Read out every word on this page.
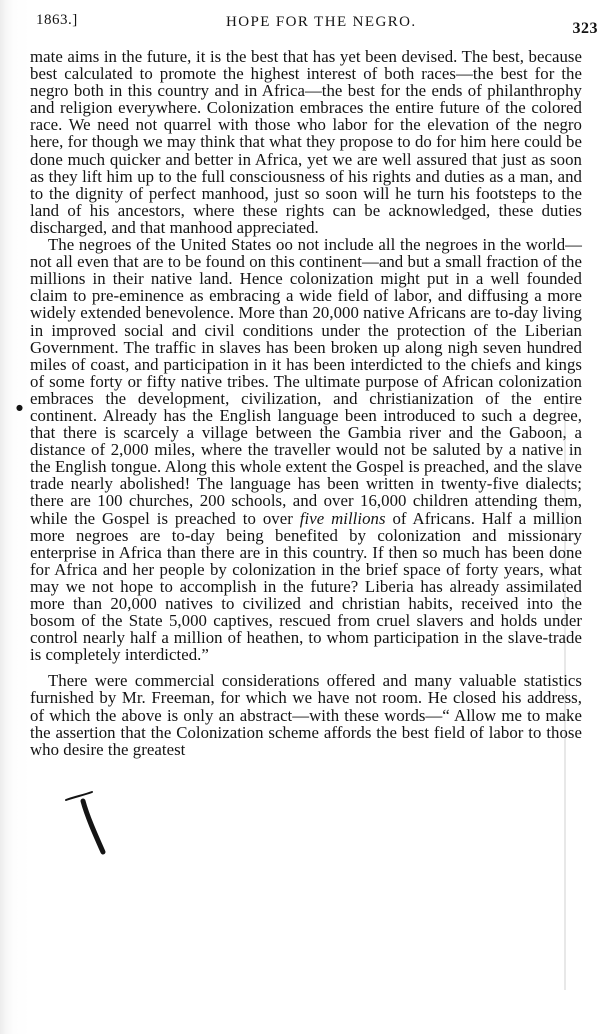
1863.]	HOPE FOR THE NEGRO.	323
●

mate aims in the future, it is the best that has yet been devised. The best, because best calculated to promote the highest interest of both races—the best for the negro both in this country and in Africa—the best for the ends of philanthrophy and religion everywhere. Colonization embraces the entire future of the colored race. We need not quarrel with those who labor for the elevation of the negro here, for though we may think that what they propose to do for him here could be done much quicker and better in Africa, yet we are well assured that just as soon as they lift him up to the full consciousness of his rights and duties as a man, and to the dignity of perfect manhood, just so soon will he turn his footsteps to the land of his ancestors, where these rights can be acknowledged, these duties discharged, and that manhood appreciated.

The negroes of the United States oo not include all the negroes in the world—not all even that are to be found on this continent—and but a small fraction of the millions in their native land. Hence colonization might put in a well founded claim to pre-eminence as embracing a wide field of labor, and diffusing a more widely extended benevolence. More than 20,000 native Africans are to-day living in improved social and civil conditions under the protection of the Liberian Government. The traffic in slaves has been broken up along nigh seven hundred miles of coast, and participation in it has been interdicted to the chiefs and kings of some forty or fifty native tribes. The ultimate purpose of African colonization embraces the development, civilization, and christianization of the entire continent. Already has the English language been introduced to such a degree, that there is scarcely a village between the Gambia river and the Gaboon, a distance of 2,000 miles, where the traveller would not be saluted by a native in the English tongue. Along this whole extent the Gospel is preached, and the slave trade nearly abolished! The language has been written in twenty-five dialects; there are 100 churches, 200 schools, and over 16,000 children attending them, while the Gospel is preached to over five millions of Africans. Half a million more negroes are to-day being benefited by colonization and missionary enterprise in Africa than there are in this country. If then so much has been done for Africa and her people by colonization in the brief space of forty years, what may we not hope to accomplish in the future? Liberia has already assimilated more than 20,000 natives to civilized and christian habits, received into the bosom of the State 5,000 captives, rescued from cruel slavers and holds under control nearly half a million of heathen, to whom participation in the slave-trade is completely interdicted.”

There were commercial considerations offered and many valuable statistics furnished by Mr. Freeman, for which we have not room. He closed his address, of which the above is only an abstract—with these words—“ Allow me to make the assertion that the Colonization scheme affords the best field of labor to those who desire the greatest
